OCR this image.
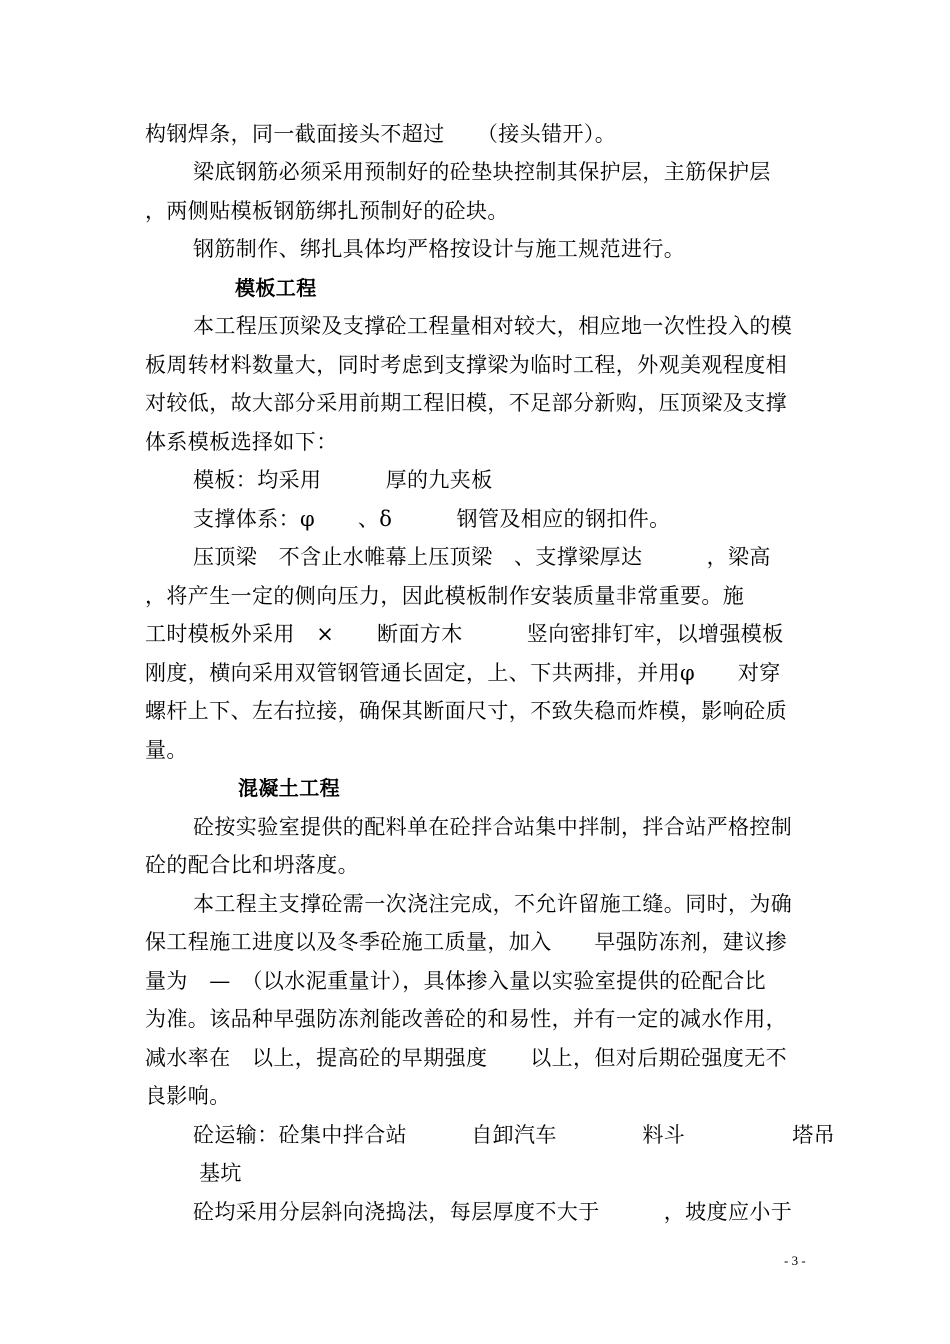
构钢焊条，同一截面接头不超过　　（接头错开）。
梁底钢筋必须采用预制好的砼垫块控制其保护层，主筋保护层
，两侧贴模板钢筋绑扎预制好的砼块。
钢筋制作、绑扎具体均严格按设计与施工规范进行。
模板工程
本工程压顶梁及支撑砼工程量相对较大，相应地一次性投入的模
板周转材料数量大，同时考虑到支撑梁为临时工程，外观美观程度相
对较低，故大部分采用前期工程旧模，不足部分新购，压顶梁及支撑
体系模板选择如下：
模板：均采用　　　厚的九夹板
支撑体系：φ　　、δ　　　钢管及相应的钢扣件。
压顶梁　不含止水帷幕上压顶梁　、支撑梁厚达　　　，梁高
，将产生一定的侧向压力，因此模板制作安装质量非常重要。施
工时模板外采用　×　　断面方木　　　竖向密排钉牢，以增强模板
刚度，横向采用双管钢管通长固定，上、下共两排，并用φ　　对穿
螺杆上下、左右拉接，确保其断面尺寸，不致失稳而炸模，影响砼质
量。
混凝土工程
砼按实验室提供的配料单在砼拌合站集中拌制，拌合站严格控制
砼的配合比和坍落度。
本工程主支撑砼需一次浇注完成，不允许留施工缝。同时，为确
保工程施工进度以及冬季砼施工质量，加入　　早强防冻剂，建议掺
量为　—　（以水泥重量计），具体掺入量以实验室提供的砼配合比
为准。该品种早强防冻剂能改善砼的和易性，并有一定的减水作用，
减水率在　以上，提高砼的早期强度　　以上，但对后期砼强度无不
良影响。
砼运输：砼集中拌合站　　　自卸汽车　　　　料斗　　　　　塔吊
基坑
砼均采用分层斜向浇捣法，每层厚度不大于　　　，坡度应小于
- 3 -
